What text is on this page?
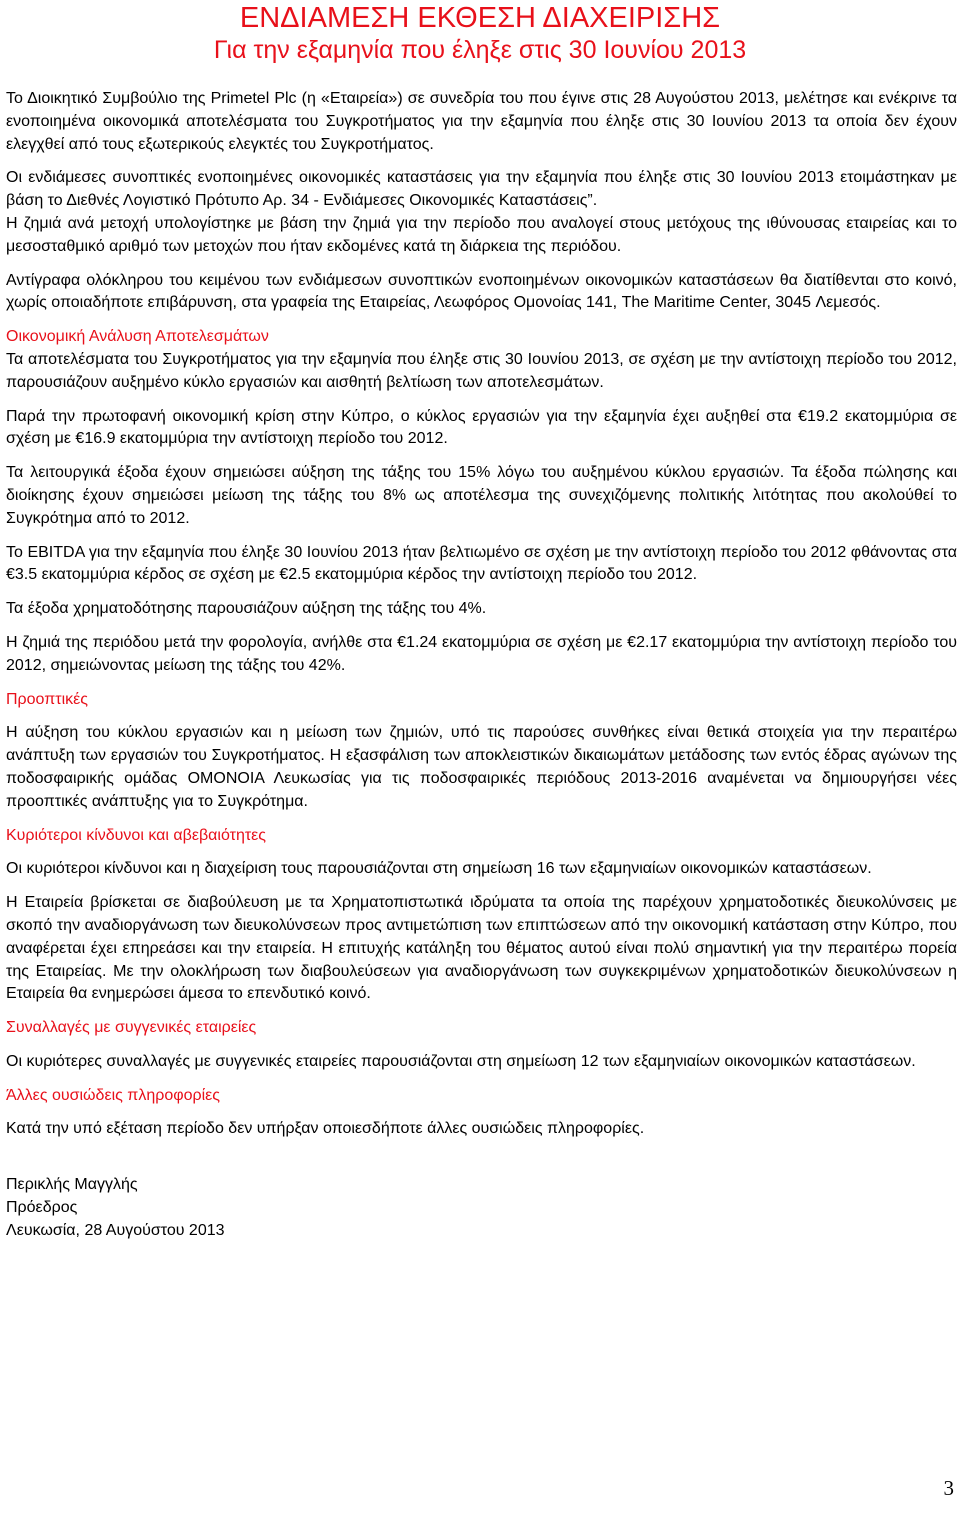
ΕΝΔΙΑΜΕΣΗ ΕΚΘΕΣΗ ΔΙΑΧΕΙΡΙΣΗΣ
Για την εξαμηνία που έληξε στις 30 Ιουνίου 2013

Το Διοικητικό Συμβούλιο της Primetel Plc (η «Εταιρεία») σε συνεδρία του που έγινε στις 28 Αυγούστου 2013, μελέτησε και ενέκρινε τα ενοποιημένα οικονομικά αποτελέσματα του Συγκροτήματος για την εξαμηνία που έληξε στις 30 Ιουνίου 2013 τα οποία δεν έχουν ελεγχθεί από τους εξωτερικούς ελεγκτές του Συγκροτήματος.

Οι ενδιάμεσες συνοπτικές ενοποιημένες οικονομικές καταστάσεις για την εξαμηνία που έληξε στις 30 Ιουνίου 2013 ετοιμάστηκαν με βάση το Διεθνές Λογιστικό Πρότυπο Αρ. 34 - Ενδιάμεσες Οικονομικές Καταστάσεις”.

Η ζημιά ανά μετοχή υπολογίστηκε με βάση την ζημιά για την περίοδο που αναλογεί στους μετόχους της ιθύνουσας εταιρείας και το μεσοσταθμικό αριθμό των μετοχών που ήταν εκδομένες κατά τη διάρκεια της περιόδου.

Αντίγραφα ολόκληρου του κειμένου των ενδιάμεσων συνοπτικών ενοποιημένων οικονομικών καταστάσεων θα διατίθενται στο κοινό, χωρίς οποιαδήποτε επιβάρυνση, στα γραφεία της Εταιρείας, Λεωφόρος Ομονοίας 141, The Maritime Center, 3045 Λεμεσός.

Οικονομική Ανάλυση Αποτελεσμάτων

Τα αποτελέσματα του Συγκροτήματος για την εξαμηνία που έληξε στις 30 Ιουνίου 2013, σε σχέση με την αντίστοιχη περίοδο του 2012, παρουσιάζουν αυξημένο κύκλο εργασιών και αισθητή βελτίωση των αποτελεσμάτων.

Παρά την πρωτοφανή οικονομική κρίση στην Κύπρο, ο κύκλος εργασιών για την εξαμηνία έχει αυξηθεί στα €19.2 εκατομμύρια σε σχέση με €16.9 εκατομμύρια την αντίστοιχη περίοδο του 2012.

Τα λειτουργικά έξοδα έχουν σημειώσει αύξηση της τάξης του 15% λόγω του αυξημένου κύκλου εργασιών. Τα έξοδα πώλησης και διοίκησης έχουν σημειώσει μείωση της τάξης του 8% ως αποτέλεσμα της συνεχιζόμενης πολιτικής λιτότητας που ακολούθεί το Συγκρότημα από το 2012.

Το EBITDA για την εξαμηνία που έληξε 30 Ιουνίου 2013 ήταν βελτιωμένο σε σχέση με την αντίστοιχη περίοδο του 2012 φθάνοντας στα €3.5 εκατομμύρια κέρδος σε σχέση με €2.5 εκατομμύρια κέρδος την αντίστοιχη περίοδο του 2012.

Τα έξοδα χρηματοδότησης παρουσιάζουν αύξηση της τάξης του 4%.

Η ζημιά της περιόδου μετά την φορολογία, ανήλθε στα €1.24 εκατομμύρια σε σχέση με €2.17 εκατομμύρια την αντίστοιχη περίοδο του 2012, σημειώνοντας μείωση της τάξης του 42%.

Προοπτικές

Η αύξηση του κύκλου εργασιών και η μείωση των ζημιών, υπό τις παρούσες συνθήκες είναι θετικά στοιχεία για την περαιτέρω ανάπτυξη των εργασιών του Συγκροτήματος. Η εξασφάλιση των αποκλειστικών δικαιωμάτων μετάδοσης των εντός έδρας αγώνων της ποδοσφαιρικής ομάδας ΟΜΟΝΟΙΑ Λευκωσίας για τις ποδοσφαιρικές περιόδους 2013-2016 αναμένεται να δημιουργήσει νέες προοπτικές ανάπτυξης για το Συγκρότημα.

Κυριότεροι κίνδυνοι και αβεβαιότητες

Οι κυριότεροι κίνδυνοι και η διαχείριση τους παρουσιάζονται στη σημείωση 16 των εξαμηνιαίων οικονομικών καταστάσεων.

Η Εταιρεία βρίσκεται σε διαβούλευση με τα Χρηματοπιστωτικά ιδρύματα τα οποία της παρέχουν χρηματοδοτικές διευκολύνσεις με σκοπό την αναδιοργάνωση των διευκολύνσεων προς αντιμετώπιση των επιπτώσεων από την οικονομική κατάσταση στην Κύπρο, που αναφέρεται έχει επηρεάσει και την εταιρεία. Η επιτυχής κατάληξη του θέματος αυτού είναι πολύ σημαντική για την περαιτέρω πορεία της Εταιρείας. Με την ολοκλήρωση των διαβουλεύσεων για αναδιοργάνωση των συγκεκριμένων χρηματοδοτικών διευκολύνσεων η Εταιρεία θα ενημερώσει άμεσα το επενδυτικό κοινό.

Συναλλαγές με συγγενικές εταιρείες

Οι κυριότερες συναλλαγές με συγγενικές εταιρείες παρουσιάζονται στη σημείωση 12 των εξαμηνιαίων οικονομικών καταστάσεων.

Άλλες ουσιώδεις πληροφορίες

Κατά την υπό εξέταση περίοδο δεν υπήρξαν οποιεσδήποτε άλλες ουσιώδεις πληροφορίες.

Περικλής Μαγγλής

Πρόεδρος

Λευκωσία, 28 Αυγούστου 2013

3
